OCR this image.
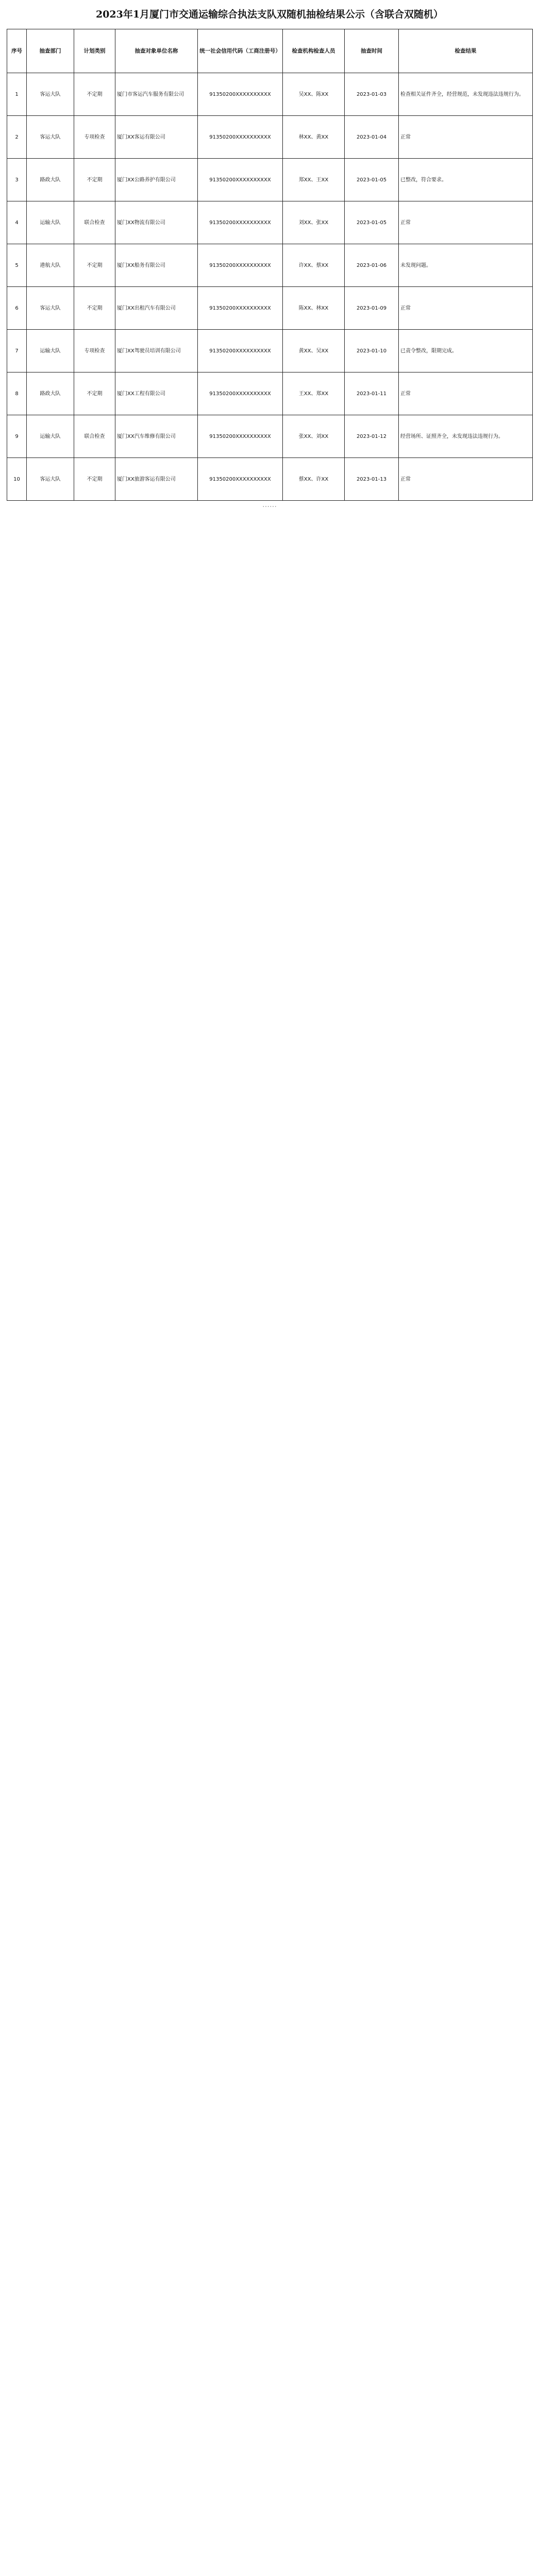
2023年1月厦门市交通运输综合执法支队双随机抽检结果公示（含联合双随机）
序号	抽查部门	计划类别	抽查对象单位名称	统一社会信用代码（工商注册号）	检查机构检查人员	抽查时间	检查结果
1	客运大队	不定期	厦门市客运汽车服务有限公司	91350200XXXXXXXXXX	吴XX、陈XX	2023-01-03	检查相关证件齐全，经营规范，未发现违法违规行为。
2	客运大队	专项检查	厦门XX客运有限公司	91350200XXXXXXXXXX	林XX、黄XX	2023-01-04	正常
3	路政大队	不定期	厦门XX公路养护有限公司	91350200XXXXXXXXXX	郑XX、王XX	2023-01-05	已整改，符合要求。
4	运输大队	联合检查	厦门XX物流有限公司	91350200XXXXXXXXXX	刘XX、张XX	2023-01-05	正常
5	港航大队	不定期	厦门XX船务有限公司	91350200XXXXXXXXXX	许XX、蔡XX	2023-01-06	未发现问题。
6	客运大队	不定期	厦门XX出租汽车有限公司	91350200XXXXXXXXXX	陈XX、林XX	2023-01-09	正常
7	运输大队	专项检查	厦门XX驾驶员培训有限公司	91350200XXXXXXXXXX	黄XX、吴XX	2023-01-10	已责令整改，限期完成。
8	路政大队	不定期	厦门XX工程有限公司	91350200XXXXXXXXXX	王XX、郑XX	2023-01-11	正常
9	运输大队	联合检查	厦门XX汽车维修有限公司	91350200XXXXXXXXXX	张XX、刘XX	2023-01-12	经营场所、证照齐全，未发现违法违规行为。
10	客运大队	不定期	厦门XX旅游客运有限公司	91350200XXXXXXXXXX	蔡XX、许XX	2023-01-13	正常
……
